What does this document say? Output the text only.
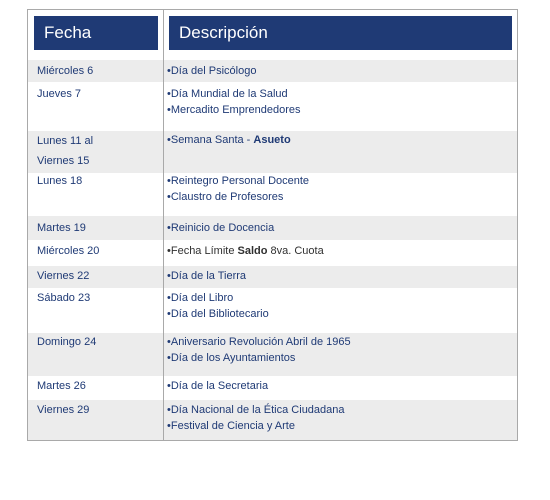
Fecha	Descripción
Miércoles 6	•Día del Psicólogo
Jueves 7	•Día Mundial de la Salud
•Mercadito Emprendedores
Lunes 11 al
Viernes 15
•Semana Santa - Asueto
Lunes 18	•Reintegro Personal Docente
•Claustro de Profesores
Martes 19	•Reinicio de Docencia
Miércoles 20	•Fecha Límite Saldo 8va. Cuota
Viernes 22	•Día de la Tierra
Sábado 23	•Día del Libro
•Día del Bibliotecario
Domingo 24	•Aniversario Revolución Abril de 1965
•Día de los Ayuntamientos
Martes 26	•Día de la Secretaria
Viernes 29	•Día Nacional de la Ética Ciudadana
•Festival de Ciencia y Arte
